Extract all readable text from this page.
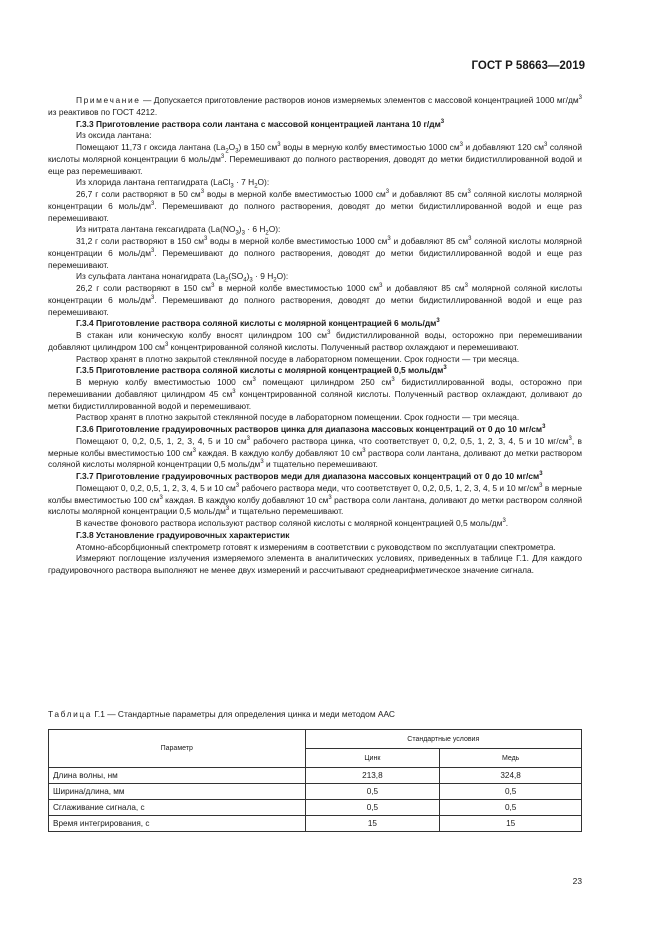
ГОСТ Р 58663—2019

Примечание — Допускается приготовление растворов ионов измеряемых элементов с массовой концентрацией 1000 $мг/дм^3$ из реактивов по ГОСТ 4212.

Г.3.3 Приготовление раствора соли лантана с массовой концентрацией лантана 10 $г/дм^3$

Из оксида лантана:

Помещают 11,73 г оксида лантана $(La_2O_3)$ в 150 $см^3$ воды в мерную колбу вместимостью 1000 $см^3$ и добавляют 120 $см^3$ соляной кислоты молярной концентрации 6 моль/$дм^3$. Перемешивают до полного растворения, доводят до метки бидистиллированной водой и еще раз перемешивают.

Из хлорида лантана гептагидрата (LaCl$_3$ · 7 $H_2O$):

26,7 г соли растворяют в 50 $см^3$ воды в мерной колбе вместимостью 1000 $см^3$ и добавляют 85 $см^3$ соляной кислоты молярной концентрации 6 моль/$дм^3$. Перемешивают до полного растворения, доводят до метки бидистиллированной водой и еще раз перемешивают.

Из нитрата лантана гексагидрата ($La(NO_3)_3 \cdot 6$ $H_2O$):

31,2 г соли растворяют в 150 $см^3$ воды в мерной колбе вместимостью 1000 $см^3$ и добавляют 85 $см^3$ соляной кислоты молярной концентрации 6 моль/$дм^3$. Перемешивают до полного растворения, доводят до метки бидистиллированной водой и еще раз перемешивают.

Из сульфата лантана нонагидрата ($La_2(SO_4)_3 \cdot 9$ $H_2O$):

26,2 г соли растворяют в 150 $см^3$ в мерной колбе вместимостью 1000 $см^3$ и добавляют 85 $см^3$ молярной соляной кислоты концентрации 6 моль/$дм^3$. Перемешивают до полного растворения, доводят до метки бидистиллированной водой и еще раз перемешивают.

Г.3.4 Приготовление раствора соляной кислоты с молярной концентрацией 6 моль/$дм^3$

В стакан или коническую колбу вносят цилиндром 100 $см^3$ бидистиллированной воды, осторожно при перемешивании добавляют цилиндром 100 $см^3$ концентрированной соляной кислоты. Полученный раствор охлаждают и перемешивают.

Раствор хранят в плотно закрытой стеклянной посуде в лабораторном помещении. Срок годности — три месяца.

Г.3.5 Приготовление раствора соляной кислоты с молярной концентрацией 0,5 моль/$дм^3$

В мерную колбу вместимостью 1000 $см^3$ помещают цилиндром 250 $см^3$ бидистиллированной воды, осторожно при перемешивании добавляют цилиндром 45 $см^3$ концентрированной соляной кислоты. Полученный раствор охлаждают, доливают до метки бидистиллированной водой и перемешивают.

Раствор хранят в плотно закрытой стеклянной посуде в лабораторном помещении. Срок годности — три месяца.

Г.3.6 Приготовление градуировочных растворов цинка для диапазона массовых концентраций от 0 до 10 $мг/см^3$

Помещают 0, 0,2, 0,5, 1, 2, 3, 4, 5 и 10 $см^3$ рабочего раствора цинка, что соответствует 0, 0,2, 0,5, 1, 2, 3, 4, 5 и 10 $мг/см^3$, в мерные колбы вместимостью 100 $см^3$ каждая. В каждую колбу добавляют 10 $см^3$ раствора соли лантана, доливают до метки раствором соляной кислоты молярной концентрации 0,5 моль/$дм^3$ и тщательно перемешивают.

Г.3.7 Приготовление градуировочных растворов меди для диапазона массовых концентраций от 0 до 10 $мг/см^3$

Помещают 0, 0,2, 0,5, 1, 2, 3, 4, 5 и 10 $см^3$ рабочего раствора меди, что соответствует 0, 0,2, 0,5, 1, 2, 3, 4, 5 и 10 $мг/см^3$ в мерные колбы вместимостью 100 $см^3$ каждая. В каждую колбу добавляют 10 $см^3$ раствора соли лантана, доливают до метки раствором соляной кислоты молярной концентрации 0,5 моль/$дм^3$ и тщательно перемешивают.

В качестве фонового раствора используют раствор соляной кислоты с молярной концентрацией 0,5 моль/$дм^3$.

Г.3.8 Установление градуировочных характеристик

Атомно-абсорбционный спектрометр готовят к измерениям в соответствии с руководством по эксплуатации спектрометра.

Измеряют поглощение излучения измеряемого элемента в аналитических условиях, приведенных в таблице Г.1. Для каждого градуировочного раствора выполняют не менее двух измерений и рассчитывают среднеарифметическое значение сигнала.

Таблица Г.1 — Стандартные параметры для определения цинка и меди методом ААС
Параметр	Стандартные условия	
	Цинк	Медь
Длина волны, нм	213,8	324,8
Ширина/длина, мм	0,5	0,5
Сглаживание сигнала, с	0,5	0,5
Время интегрирования, с	15	15
23
